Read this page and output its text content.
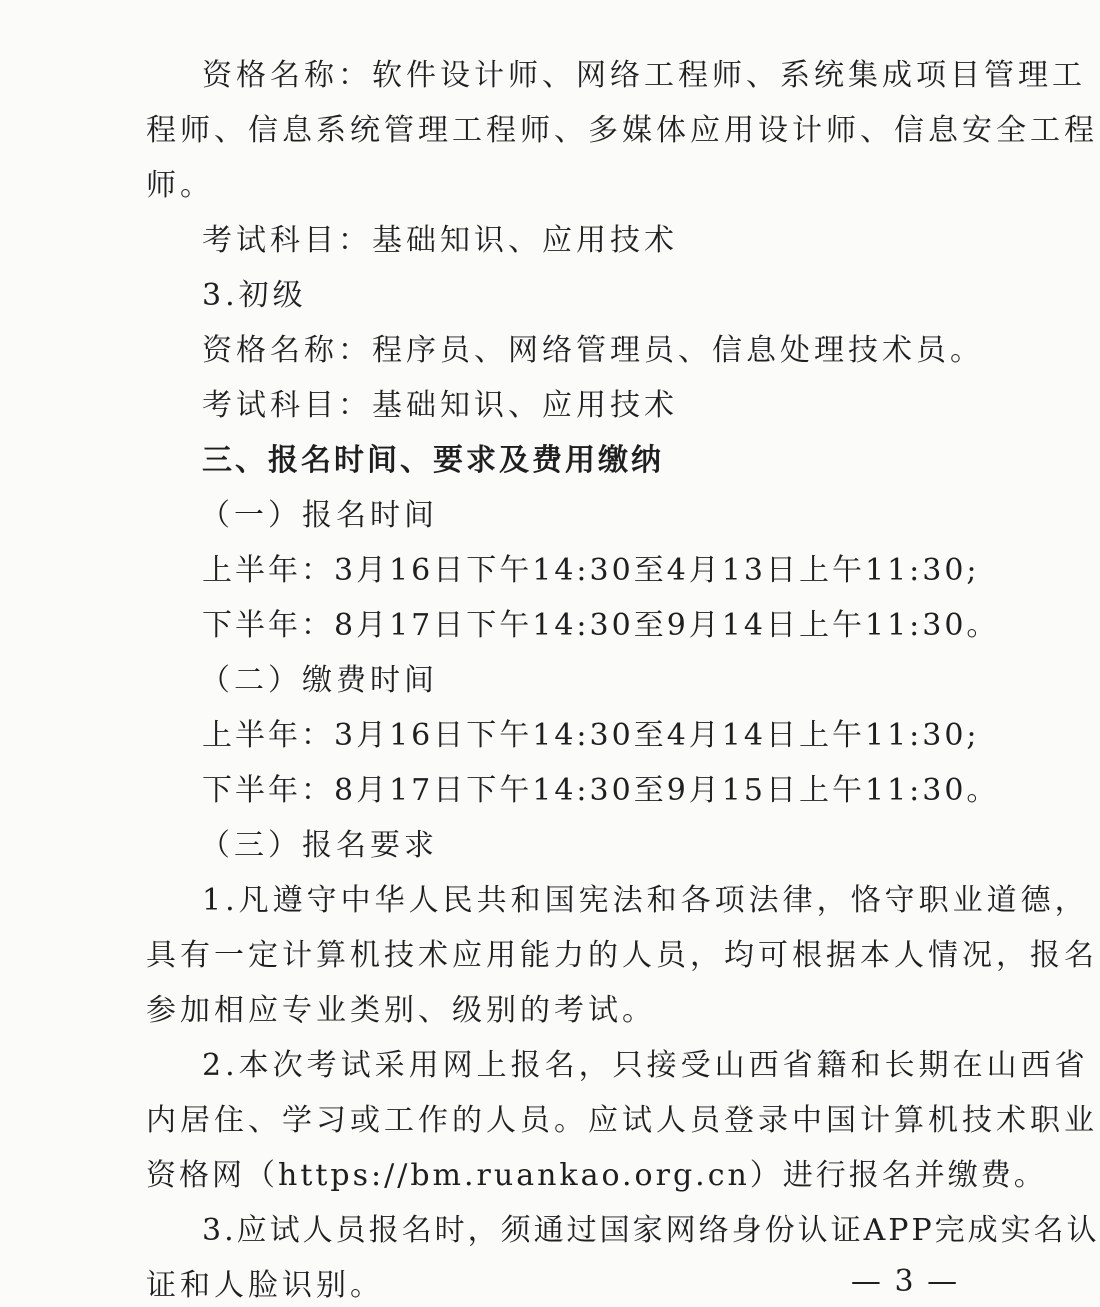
资格名称：软件设计师、网络工程师、系统集成项目管理工
程师、信息系统管理工程师、多媒体应用设计师、信息安全工程
师。
考试科目：基础知识、应用技术
3.初级
资格名称：程序员、网络管理员、信息处理技术员。
考试科目：基础知识、应用技术
三、报名时间、要求及费用缴纳
（一）报名时间
上半年：3月16日下午14:30至4月13日上午11:30;
下半年：8月17日下午14:30至9月14日上午11:30。
（二）缴费时间
上半年：3月16日下午14:30至4月14日上午11:30;
下半年：8月17日下午14:30至9月15日上午11:30。
（三）报名要求
1.凡遵守中华人民共和国宪法和各项法律，恪守职业道德，
具有一定计算机技术应用能力的人员，均可根据本人情况，报名
参加相应专业类别、级别的考试。
2.本次考试采用网上报名，只接受山西省籍和长期在山西省
内居住、学习或工作的人员。应试人员登录中国计算机技术职业
资格网（https://bm.ruankao.org.cn）进行报名并缴费。
3.应试人员报名时，须通过国家网络身份认证APP完成实名认
证和人脸识别。	— 3 —
